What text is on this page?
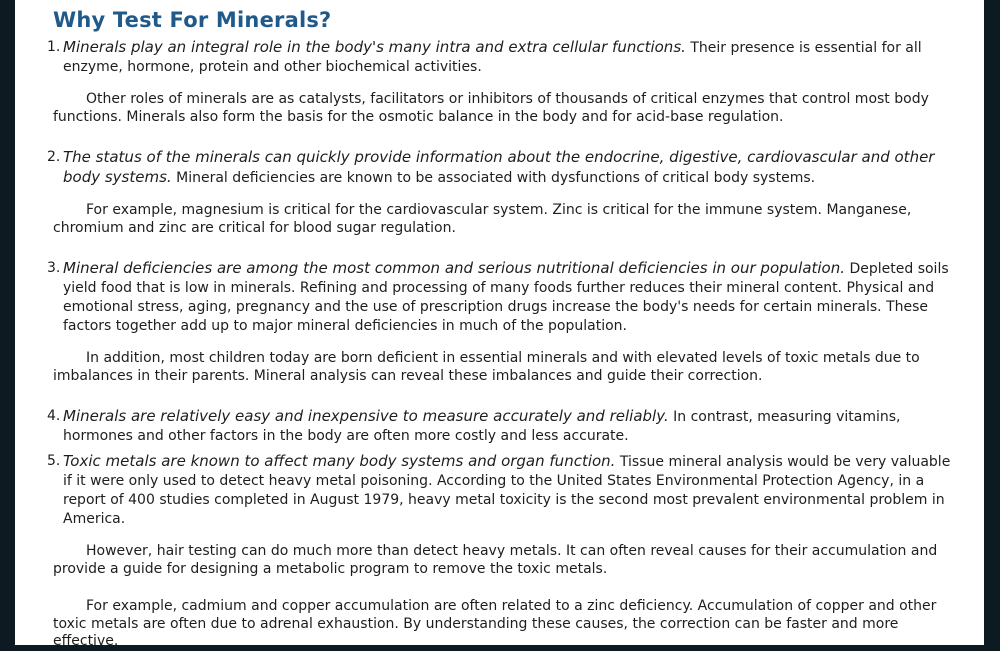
Why Test For Minerals?

1. Minerals play an integral role in the body's many intra and extra cellular functions. Their presence is essential for all enzyme, hormone, protein and other biochemical activities.

Other roles of minerals are as catalysts, facilitators or inhibitors of thousands of critical enzymes that control most body functions. Minerals also form the basis for the osmotic balance in the body and for acid-base regulation.

2. The status of the minerals can quickly provide information about the endocrine, digestive, cardiovascular and other body systems. Mineral deficiencies are known to be associated with dysfunctions of critical body systems.

For example, magnesium is critical for the cardiovascular system. Zinc is critical for the immune system. Manganese, chromium and zinc are critical for blood sugar regulation.

3. Mineral deficiencies are among the most common and serious nutritional deficiencies in our population. Depleted soils yield food that is low in minerals. Refining and processing of many foods further reduces their mineral content. Physical and emotional stress, aging, pregnancy and the use of prescription drugs increase the body's needs for certain minerals. These factors together add up to major mineral deficiencies in much of the population.

In addition, most children today are born deficient in essential minerals and with elevated levels of toxic metals due to imbalances in their parents. Mineral analysis can reveal these imbalances and guide their correction.

4. Minerals are relatively easy and inexpensive to measure accurately and reliably. In contrast, measuring vitamins, hormones and other factors in the body are often more costly and less accurate.

5. Toxic metals are known to affect many body systems and organ function. Tissue mineral analysis would be very valuable if it were only used to detect heavy metal poisoning. According to the United States Environmental Protection Agency, in a report of 400 studies completed in August 1979, heavy metal toxicity is the second most prevalent environmental problem in America.

However, hair testing can do much more than detect heavy metals. It can often reveal causes for their accumulation and provide a guide for designing a metabolic program to remove the toxic metals.

For example, cadmium and copper accumulation are often related to a zinc deficiency. Accumulation of copper and other toxic metals are often due to adrenal exhaustion. By understanding these causes, the correction can be faster and more effective.
